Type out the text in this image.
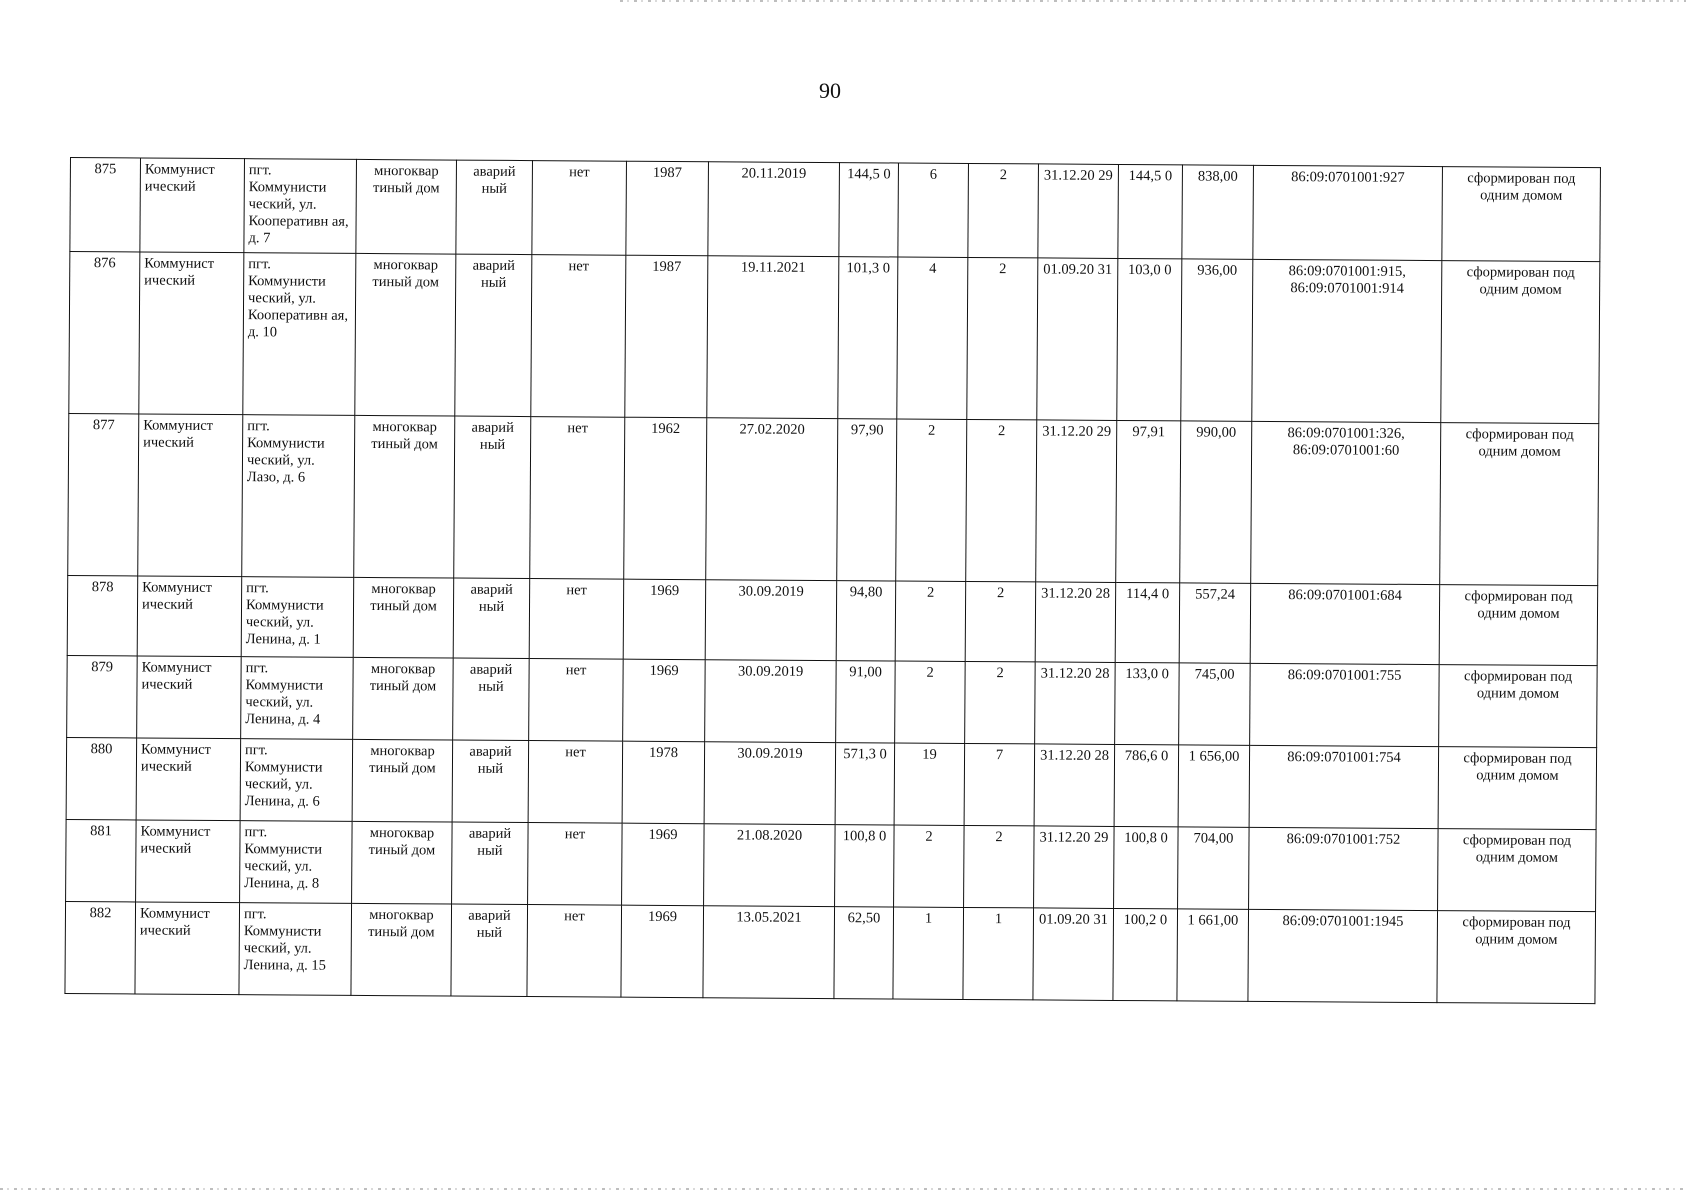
90
875	Коммунист ический	пгт. Коммунисти ческий, ул. Кооперативн ая, д. 7	многоквар тиный дом	аварий ный	нет	1987	20.11.2019	144,5 0	6	2	31.12.20 29	144,5 0	838,00	86:09:0701001:927	сформирован под одним домом
876	Коммунист ический	пгт. Коммунисти ческий, ул. Кооперативн ая, д. 10	многоквар тиный дом	аварий ный	нет	1987	19.11.2021	101,3 0	4	2	01.09.20 31	103,0 0	936,00	86:09:0701001:915, 86:09:0701001:914	сформирован под одним домом
877	Коммунист ический	пгт. Коммунисти ческий, ул. Лазо, д. 6	многоквар тиный дом	аварий ный	нет	1962	27.02.2020	97,90	2	2	31.12.20 29	97,91	990,00	86:09:0701001:326, 86:09:0701001:60	сформирован под одним домом
878	Коммунист ический	пгт. Коммунисти ческий, ул. Ленина, д. 1	многоквар тиный дом	аварий ный	нет	1969	30.09.2019	94,80	2	2	31.12.20 28	114,4 0	557,24	86:09:0701001:684	сформирован под одним домом
879	Коммунист ический	пгт. Коммунисти ческий, ул. Ленина, д. 4	многоквар тиный дом	аварий ный	нет	1969	30.09.2019	91,00	2	2	31.12.20 28	133,0 0	745,00	86:09:0701001:755	сформирован под одним домом
880	Коммунист ический	пгт. Коммунисти ческий, ул. Ленина, д. 6	многоквар тиный дом	аварий ный	нет	1978	30.09.2019	571,3 0	19	7	31.12.20 28	786,6 0	1 656,00	86:09:0701001:754	сформирован под одним домом
881	Коммунист ический	пгт. Коммунисти ческий, ул. Ленина, д. 8	многоквар тиный дом	аварий ный	нет	1969	21.08.2020	100,8 0	2	2	31.12.20 29	100,8 0	704,00	86:09:0701001:752	сформирован под одним домом
882	Коммунист ический	пгт. Коммунисти ческий, ул. Ленина, д. 15	многоквар тиный дом	аварий ный	нет	1969	13.05.2021	62,50	1	1	01.09.20 31	100,2 0	1 661,00	86:09:0701001:1945	сформирован под одним домом
